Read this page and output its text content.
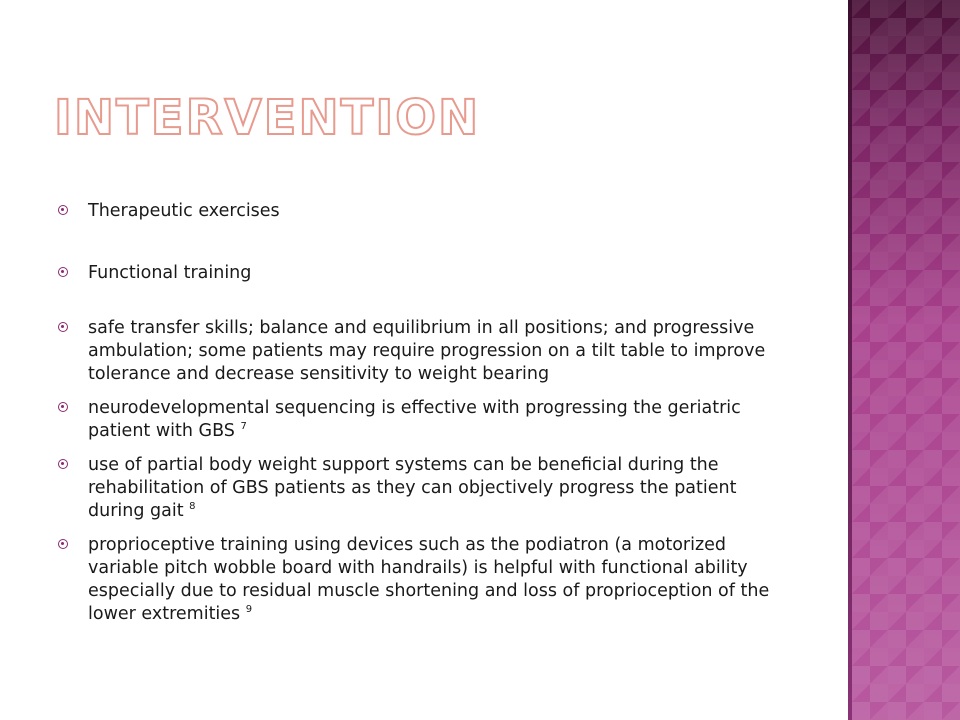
INTERVENTION
Therapeutic exercises
Functional training
safe transfer skills; balance and equilibrium in all positions; and progressive ambulation; some patients may require progression on a tilt table to improve tolerance and decrease sensitivity to weight bearing
neurodevelopmental sequencing is effective with progressing the geriatric patient with GBS $^7$
use of partial body weight support systems can be beneficial during the rehabilitation of GBS patients as they can objectively progress the patient during gait $^8$
proprioceptive training using devices such as the podiatron (a motorized variable pitch wobble board with handrails) is helpful with functional ability especially due to residual muscle shortening and loss of proprioception of the lower extremities $^9$
